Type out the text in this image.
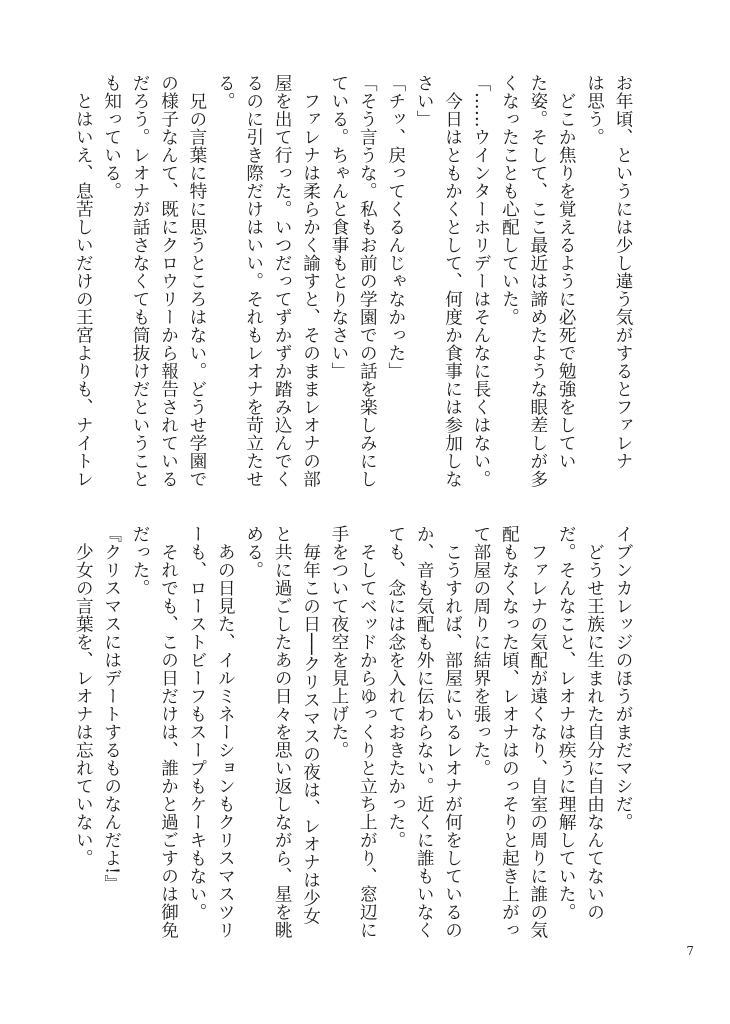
お年頃、というには少し違う気がするとファレナ
は思う。
　どこか焦りを覚えるように必死で勉強をしてい
た姿。そして、ここ最近は諦めたような眼差しが多
くなったことも心配していた。
「……ウインターホリデーはそんなに長くはない。
　今日はともかくとして、何度か食事には参加しな
さい」
「チッ、戻ってくるんじゃなかった」
「そう言うな。私もお前の学園での話を楽しみにし
ている。ちゃんと食事もとりなさい」
　ファレナは柔らかく諭すと、そのままレオナの部
屋を出て行った。いつだってずかずか踏み込んでく
るのに引き際だけはいい。それもレオナを苛立たせ
る。
　兄の言葉に特に思うところはない。どうせ学園で
の様子なんて、既にクロウリーから報告されている
だろう。レオナが話さなくても筒抜けだということ
も知っている。
　とはいえ、息苦しいだけの王宮よりも、ナイトレ
イブンカレッジのほうがまだマシだ。
　どうせ王族に生まれた自分に自由なんてないの
だ。そんなこと、レオナは疾うに理解していた。
　ファレナの気配が遠くなり、自室の周りに誰の気
配もなくなった頃、レオナはのっそりと起き上がっ
て部屋の周りに結界を張った。
　こうすれば、部屋にいるレオナが何をしているの
か、音も気配も外に伝わらない。近くに誰もいなく
ても、念には念を入れておきたかった。
　そしてベッドからゆっくりと立ち上がり、窓辺に
手をついて夜空を見上げた。
　毎年この日──クリスマスの夜は、レオナは少女
と共に過ごしたあの日々を思い返しながら、星を眺
める。
　あの日見た、イルミネーションもクリスマスツリ
ーも、ローストビーフもスープもケーキもない。
　それでも、この日だけは、誰かと過ごすのは御免
だった。
『クリスマスにはデートするものなんだよ!』
　少女の言葉を、レオナは忘れていない。
7
